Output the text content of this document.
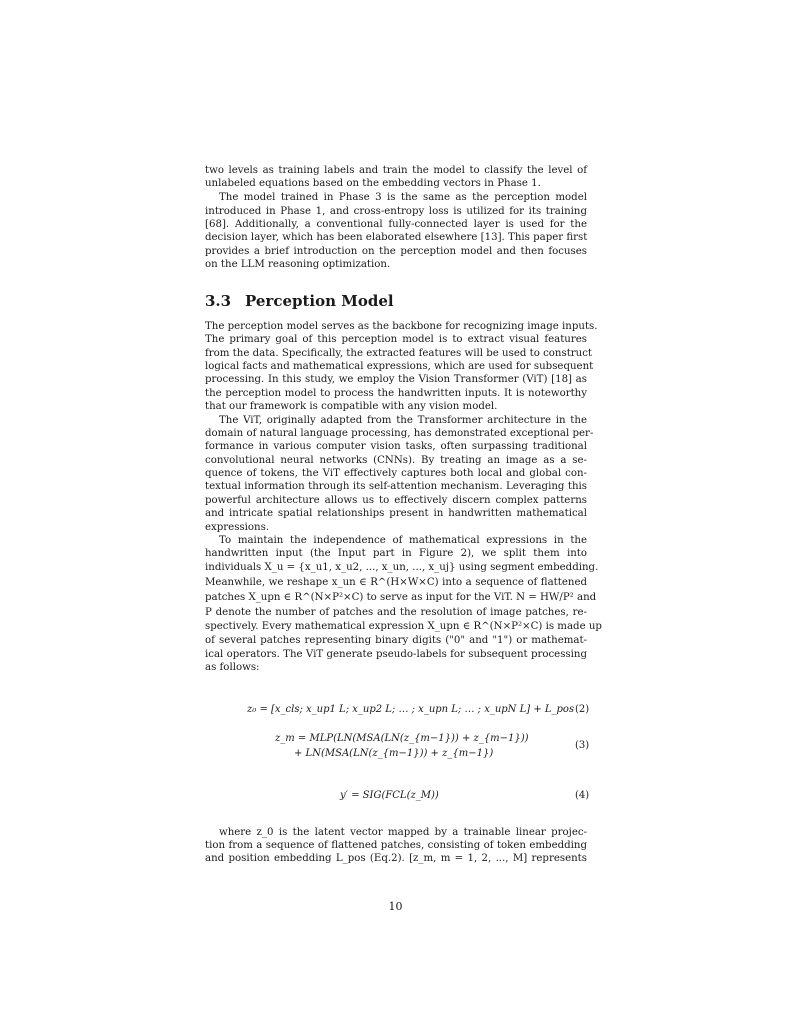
two levels as training labels and train the model to classify the level of
unlabeled equations based on the embedding vectors in Phase 1.
The model trained in Phase 3 is the same as the perception model
introduced in Phase 1, and cross-entropy loss is utilized for its training
[68]. Additionally, a conventional fully-connected layer is used for the
decision layer, which has been elaborated elsewhere [13]. This paper first
provides a brief introduction on the perception model and then focuses
on the LLM reasoning optimization.
3.3 Perception Model
The perception model serves as the backbone for recognizing image inputs.
The primary goal of this perception model is to extract visual features
from the data. Specifically, the extracted features will be used to construct
logical facts and mathematical expressions, which are used for subsequent
processing. In this study, we employ the Vision Transformer (ViT) [18] as
the perception model to process the handwritten inputs. It is noteworthy
that our framework is compatible with any vision model.
The ViT, originally adapted from the Transformer architecture in the
domain of natural language processing, has demonstrated exceptional per-
formance in various computer vision tasks, often surpassing traditional
convolutional neural networks (CNNs). By treating an image as a se-
quence of tokens, the ViT effectively captures both local and global con-
textual information through its self-attention mechanism. Leveraging this
powerful architecture allows us to effectively discern complex patterns
and intricate spatial relationships present in handwritten mathematical
expressions.
To maintain the independence of mathematical expressions in the
handwritten input (the Input part in Figure 2), we split them into
individuals X_u = {x_u1, x_u2, ..., x_un, ..., x_uj} using segment embedding.
Meanwhile, we reshape x_un ∈ R^(H×W×C) into a sequence of flattened
patches X_upn ∈ R^(N×P²×C) to serve as input for the ViT. N = HW/P² and
P denote the number of patches and the resolution of image patches, re-
spectively. Every mathematical expression X_upn ∈ R^(N×P²×C) is made up
of several patches representing binary digits ("0" and "1") or mathemat-
ical operators. The ViT generate pseudo-labels for subsequent processing
as follows:
where z_0 is the latent vector mapped by a trainable linear projec-
tion from a sequence of flattened patches, consisting of token embedding
and position embedding L_pos (Eq.2). [z_m, m = 1, 2, ..., M] represents
z₀ = [x_cls; x_up1 L; x_up2 L; … ; x_upn L; … ; x_upN L] + L_pos (2)
z_m = MLP(LN(MSA(LN(z_{m−1})) + z_{m−1}))
+ LN(MSA(LN(z_{m−1})) + z_{m−1})
(3)
y′ = SIG(FCL(z_M))	(4)
10
